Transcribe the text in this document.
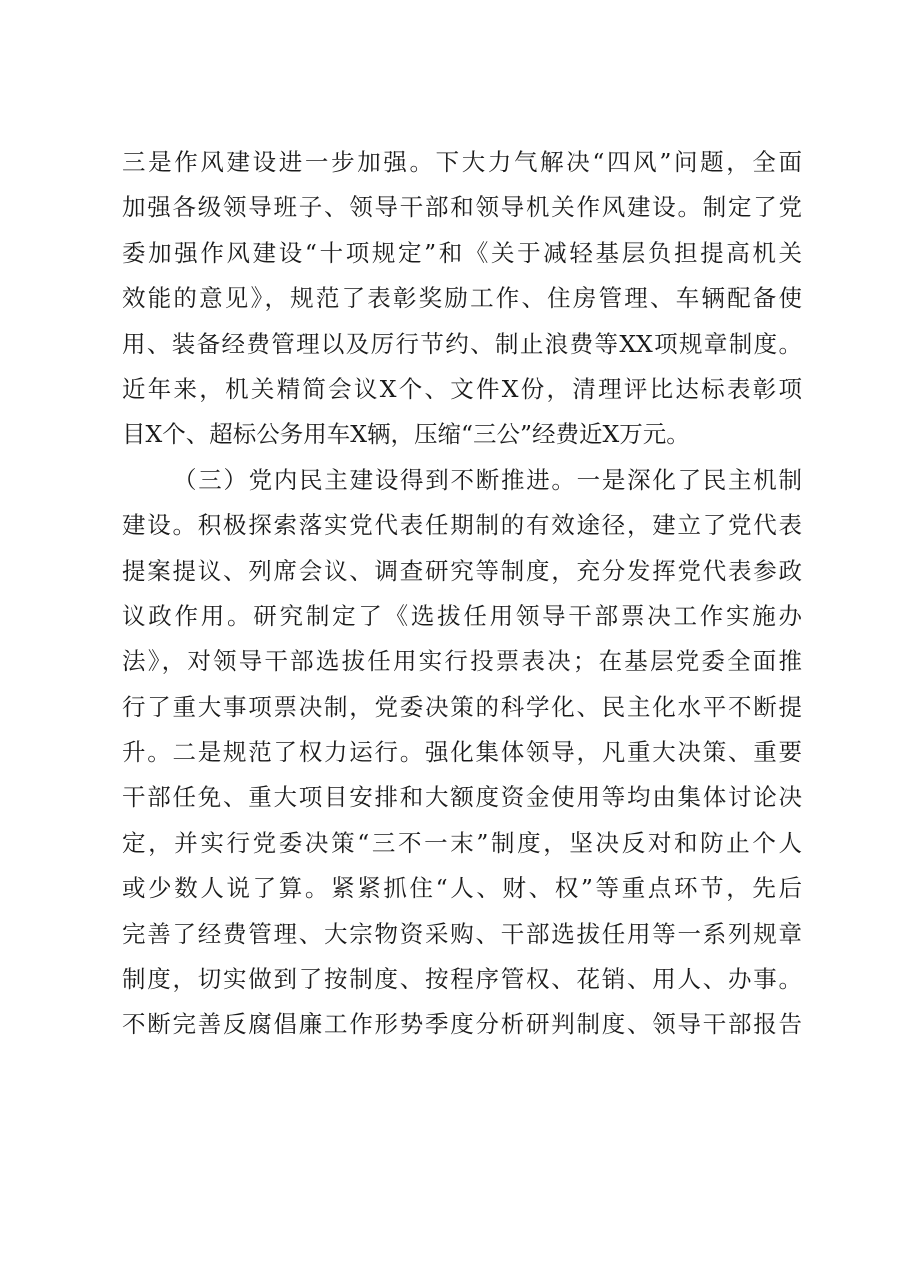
三是作风建设进一步加强。下大力气解决“四风”问题，全面
加强各级领导班子、领导干部和领导机关作风建设。制定了党
委加强作风建设“十项规定”和《关于减轻基层负担提高机关
效能的意见》，规范了表彰奖励工作、住房管理、车辆配备使
用、装备经费管理以及厉行节约、制止浪费等XX项规章制度。
近年来，机关精简会议X个、文件X份，清理评比达标表彰项
目X个、超标公务用车X辆，压缩“三公”经费近X万元。
（三）党内民主建设得到不断推进。一是深化了民主机制
建设。积极探索落实党代表任期制的有效途径，建立了党代表
提案提议、列席会议、调查研究等制度，充分发挥党代表参政
议政作用。研究制定了《选拔任用领导干部票决工作实施办
法》，对领导干部选拔任用实行投票表决；在基层党委全面推
行了重大事项票决制，党委决策的科学化、民主化水平不断提
升。二是规范了权力运行。强化集体领导，凡重大决策、重要
干部任免、重大项目安排和大额度资金使用等均由集体讨论决
定，并实行党委决策“三不一末”制度，坚决反对和防止个人
或少数人说了算。紧紧抓住“人、财、权”等重点环节，先后
完善了经费管理、大宗物资采购、干部选拔任用等一系列规章
制度，切实做到了按制度、按程序管权、花销、用人、办事。
不断完善反腐倡廉工作形势季度分析研判制度、领导干部报告
